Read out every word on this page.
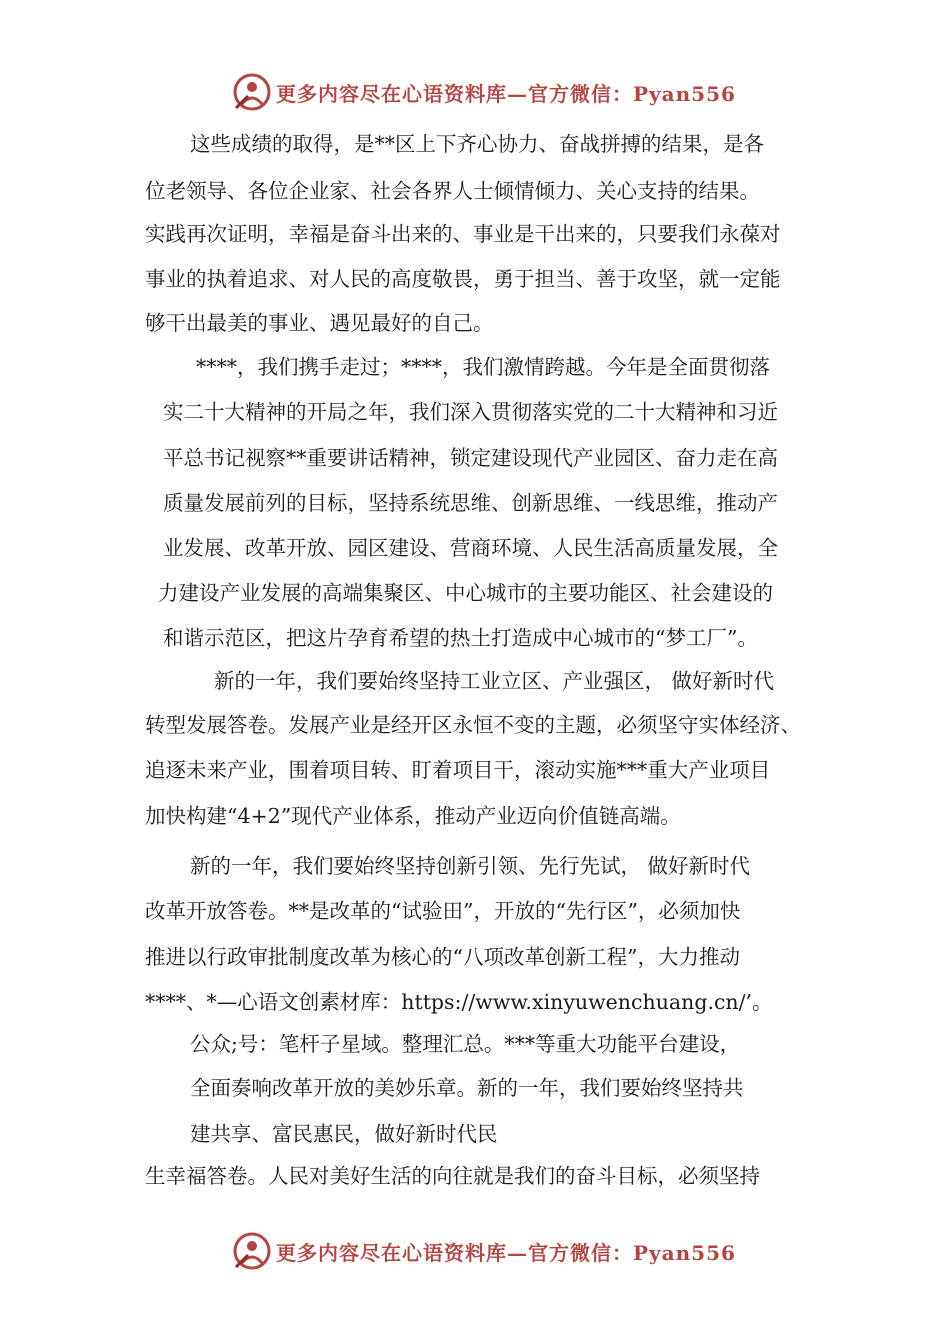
更多内容尽在心语资料库—官方微信：Pyan556
这些成绩的取得，是**区上下齐心协力、奋战拼搏的结果，是各
位老领导、各位企业家、社会各界人士倾情倾力、关心支持的结果。
实践再次证明，幸福是奋斗出来的、事业是干出来的，只要我们永葆对
事业的执着追求、对人民的高度敬畏，勇于担当、善于攻坚，就一定能
够干出最美的事业、遇见最好的自己。
****，我们携手走过；****，我们激情跨越。今年是全面贯彻落
实二十大精神的开局之年，我们深入贯彻落实党的二十大精神和习近
平总书记视察**重要讲话精神，锁定建设现代产业园区、奋力走在高
质量发展前列的目标，坚持系统思维、创新思维、一线思维，推动产
业发展、改革开放、园区建设、营商环境、人民生活高质量发展，全
力建设产业发展的高端集聚区、中心城市的主要功能区、社会建设的
和谐示范区，把这片孕育希望的热土打造成中心城市的“梦工厂”。
新的一年，我们要始终坚持工业立区、产业强区， 做好新时代
转型发展答卷。发展产业是经开区永恒不变的主题，必须坚守实体经济、
追逐未来产业，围着项目转、盯着项目干，滚动实施***重大产业项目
加快构建“4+2”现代产业体系，推动产业迈向价值链高端。
新的一年，我们要始终坚持创新引领、先行先试， 做好新时代
改革开放答卷。**是改革的“试验田”，开放的“先行区”，必须加快
推进以行政审批制度改革为核心的“八项改革创新工程”，大力推动
****、*—心语文创素材库：https://www.xinyuwenchuang.cn/’。
公众;号：笔杆子星域。整理汇总。***等重大功能平台建设，
全面奏响改革开放的美妙乐章。新的一年，我们要始终坚持共
建共享、富民惠民，做好新时代民
生幸福答卷。人民对美好生活的向往就是我们的奋斗目标，必须坚持
更多内容尽在心语资料库—官方微信：Pyan556
